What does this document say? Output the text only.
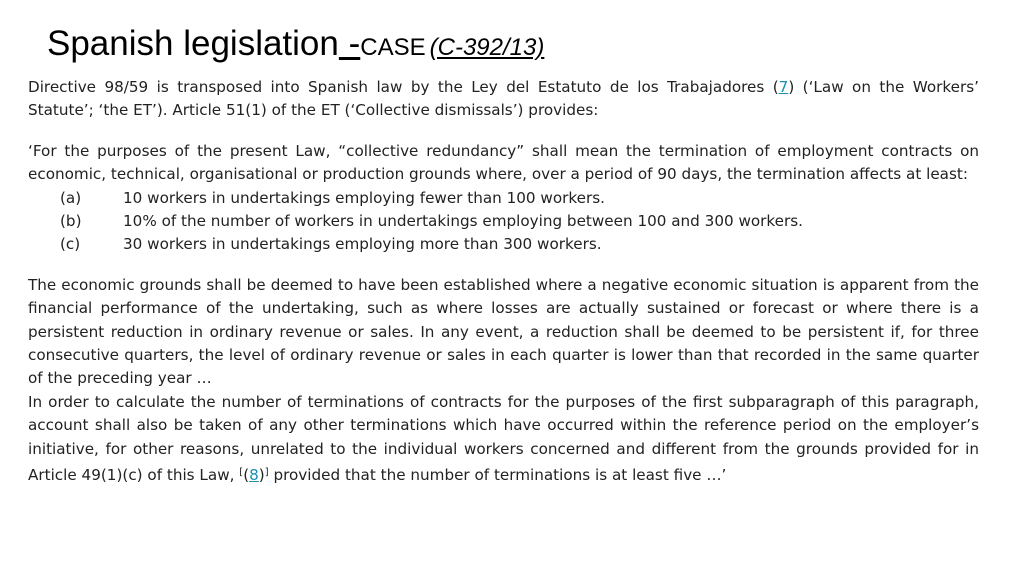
Spanish legislation -CASE (C-392/13)

Directive 98/59 is transposed into Spanish law by the Ley del Estatuto de los Trabajadores (7) (‘Law on the Workers’ Statute’; ‘the ET’). Article 51(1) of the ET (‘Collective dismissals’) provides:

‘For the purposes of the present Law, “collective redundancy” shall mean the termination of employment contracts on economic, technical, organisational or production grounds where, over a period of 90 days, the termination affects at least:

(a)	10 workers in undertakings employing fewer than 100 workers.
(b)	10% of the number of workers in undertakings employing between 100 and 300 workers.
(c)	30 workers in undertakings employing more than 300 workers.

The economic grounds shall be deemed to have been established where a negative economic situation is apparent from the financial performance of the undertaking, such as where losses are actually sustained or forecast or where there is a persistent reduction in ordinary revenue or sales. In any event, a reduction shall be deemed to be persistent if, for three consecutive quarters, the level of ordinary revenue or sales in each quarter is lower than that recorded in the same quarter of the preceding year …

In order to calculate the number of terminations of contracts for the purposes of the first subparagraph of this paragraph, account shall also be taken of any other terminations which have occurred within the reference period on the employer’s initiative, for other reasons, unrelated to the individual workers concerned and different from the grounds provided for in Article 49(1)(c) of this Law, [(8)] provided that the number of terminations is at least five …’
